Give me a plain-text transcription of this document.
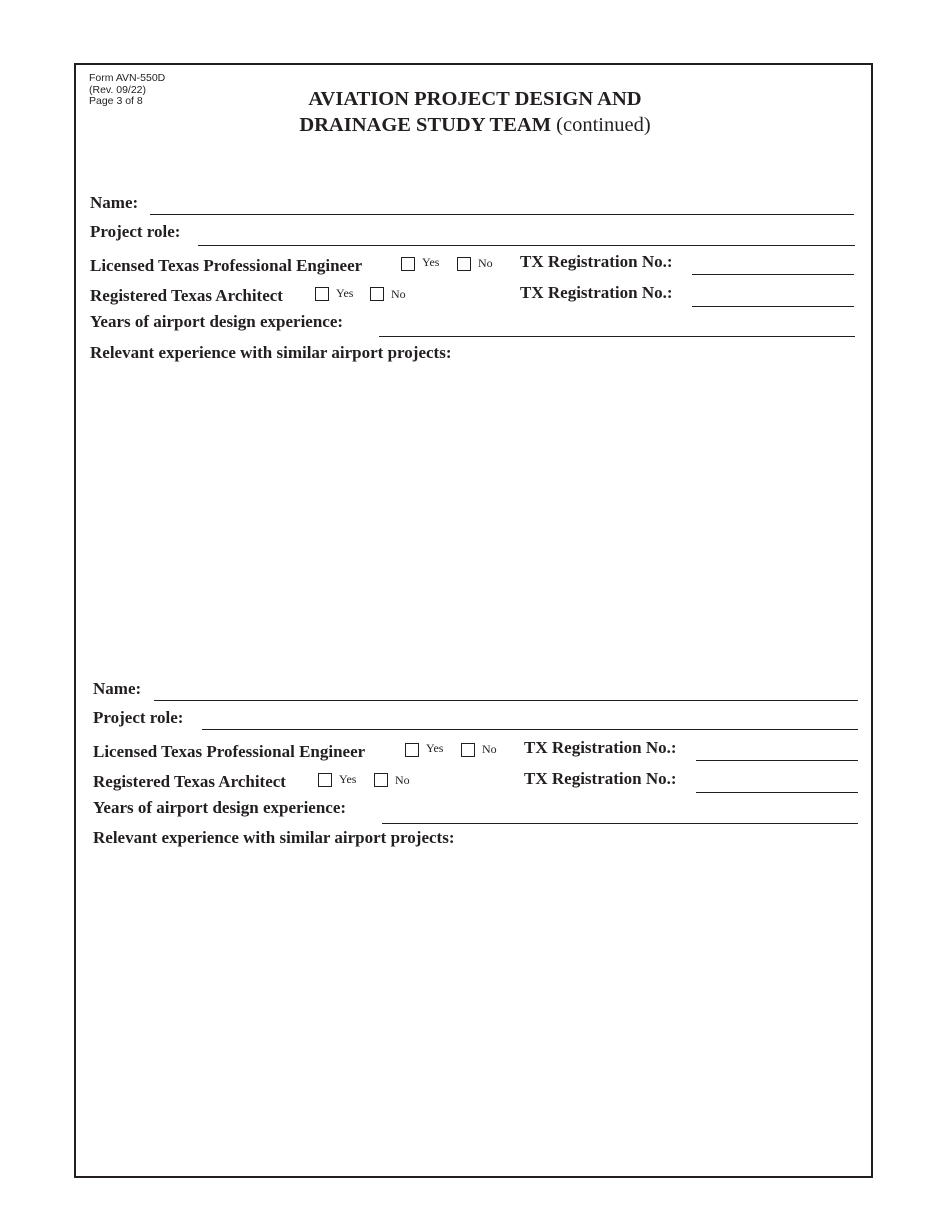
Form AVN-550D
(Rev. 09/22)
Page 3 of 8	AVIATION PROJECT DESIGN AND
DRAINAGE STUDY TEAM (continued)
Name:
Project role:
Licensed Texas Professional Engineer	Yes	No TX Registration No.:
Registered Texas Architect	Yes	No	TX Registration No.:
Years of airport design experience:
Relevant experience with similar airport projects:
Name:
Project role:
Licensed Texas Professional Engineer	Yes	No TX Registration No.:
Registered Texas Architect	Yes	No	TX Registration No.:
Years of airport design experience:
Relevant experience with similar airport projects:
